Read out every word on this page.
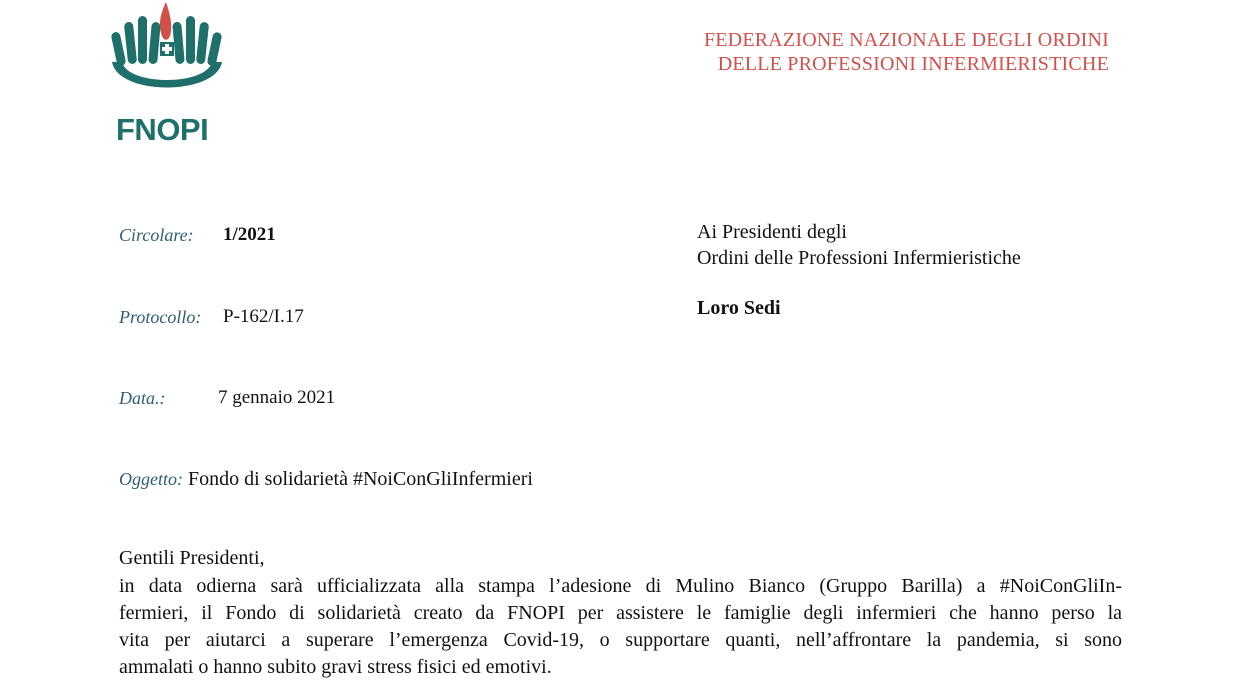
FNOPI
FEDERAZIONE NAZIONALE DEGLI ORDINI
DELLE PROFESSIONI INFERMIERISTICHE
Circolare: 1/2021
Protocollo: P-162/I.17
Data.:	7 gennaio 2021
Ai Presidenti degli
Ordini delle Professioni Infermieristiche
Loro Sedi
Oggetto: Fondo di solidarietà #NoiConGliInfermieri
Gentili Presidenti,
in data odierna sarà ufficializzata alla stampa l’adesione di Mulino Bianco (Gruppo Barilla) a #NoiConGliIn-
fermieri, il Fondo di solidarietà creato da FNOPI per assistere le famiglie degli infermieri che hanno perso la
vita per aiutarci a superare l’emergenza Covid-19, o supportare quanti, nell’affrontare la pandemia, si sono
ammalati o hanno subito gravi stress fisici ed emotivi.
